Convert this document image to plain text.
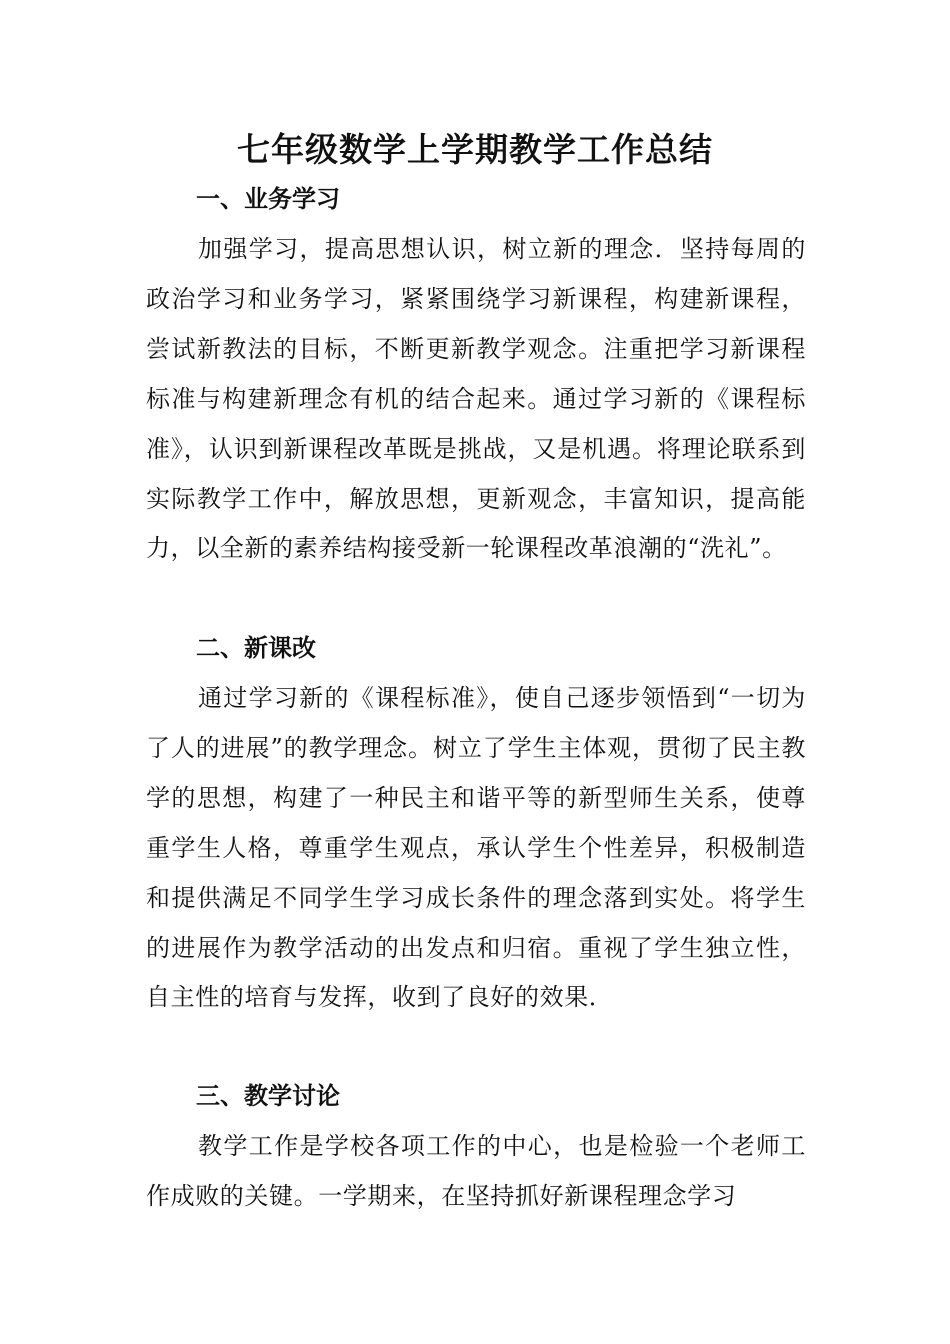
七年级数学上学期教学工作总结
一、业务学习

加强学习，提高思想认识，树立新的理念．坚持每周的政治学习和业务学习，紧紧围绕学习新课程，构建新课程，尝试新教法的目标，不断更新教学观念。注重把学习新课程标准与构建新理念有机的结合起来。通过学习新的《课程标准》，认识到新课程改革既是挑战，又是机遇。将理论联系到实际教学工作中，解放思想，更新观念，丰富知识，提高能力，以全新的素养结构接受新一轮课程改革浪潮的“洗礼”。

二、新课改

通过学习新的《课程标准》，使自己逐步领悟到“一切为了人的进展”的教学理念。树立了学生主体观，贯彻了民主教学的思想，构建了一种民主和谐平等的新型师生关系，使尊重学生人格，尊重学生观点，承认学生个性差异，积极制造和提供满足不同学生学习成长条件的理念落到实处。将学生的进展作为教学活动的出发点和归宿。重视了学生独立性，自主性的培育与发挥，收到了良好的效果．

三、教学讨论

教学工作是学校各项工作的中心，也是检验一个老师工作成败的关键。一学期来，在坚持抓好新课程理念学习
